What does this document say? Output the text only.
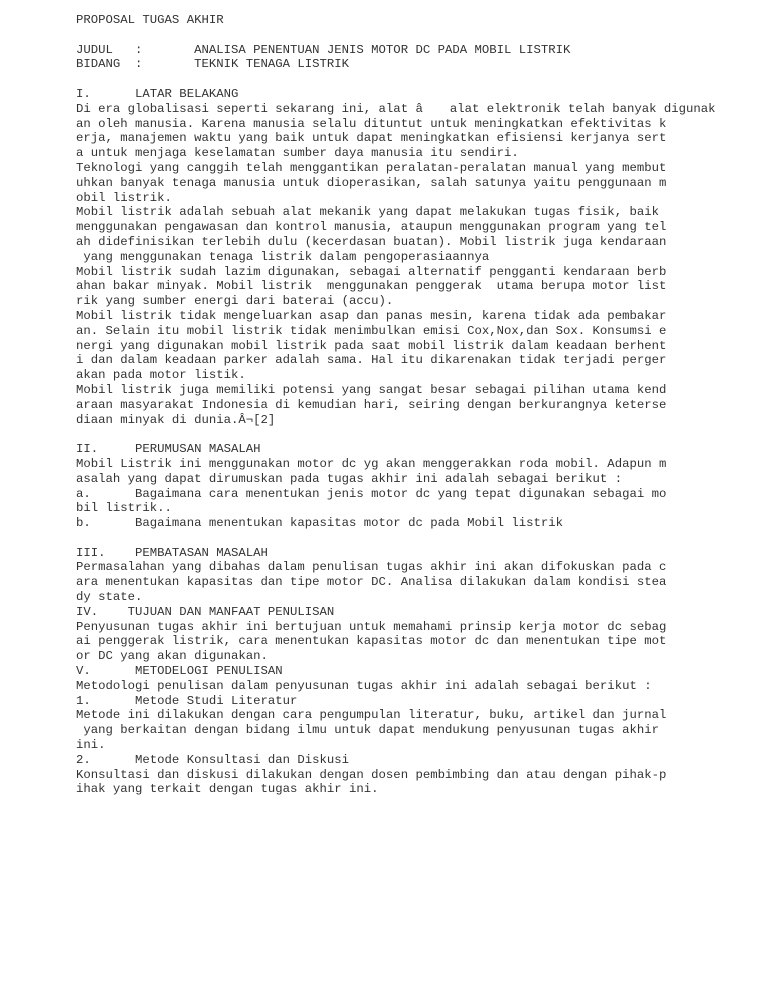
PROPOSAL TUGAS AKHIR
JUDUL   :       ANALISA PENENTUAN JENIS MOTOR DC PADA MOBIL LISTRIK
BIDANG  :       TEKNIK TENAGA LISTRIK
I.      LATAR BELAKANG
Di era globalisasi seperti sekarang ini, alat â alat elektronik telah banyak digunak
an oleh manusia. Karena manusia selalu dituntut untuk meningkatkan efektivitas k
erja, manajemen waktu yang baik untuk dapat meningkatkan efisiensi kerjanya sert
a untuk menjaga keselamatan sumber daya manusia itu sendiri.
Teknologi yang canggih telah menggantikan peralatan-peralatan manual yang membut
uhkan banyak tenaga manusia untuk dioperasikan, salah satunya yaitu penggunaan m
obil listrik.
Mobil listrik adalah sebuah alat mekanik yang dapat melakukan tugas fisik, baik
menggunakan pengawasan dan kontrol manusia, ataupun menggunakan program yang tel
ah didefinisikan terlebih dulu (kecerdasan buatan). Mobil listrik juga kendaraan
yang menggunakan tenaga listrik dalam pengoperasiaannya
Mobil listrik sudah lazim digunakan, sebagai alternatif pengganti kendaraan berb
ahan bakar minyak. Mobil listrik  menggunakan penggerak  utama berupa motor list
rik yang sumber energi dari baterai (accu).
Mobil listrik tidak mengeluarkan asap dan panas mesin, karena tidak ada pembakar
an. Selain itu mobil listrik tidak menimbulkan emisi Cox,Nox,dan Sox. Konsumsi e
nergi yang digunakan mobil listrik pada saat mobil listrik dalam keadaan berhent
i dan dalam keadaan parker adalah sama. Hal itu dikarenakan tidak terjadi perger
akan pada motor listik.
Mobil listrik juga memiliki potensi yang sangat besar sebagai pilihan utama kend
araan masyarakat Indonesia di kemudian hari, seiring dengan berkurangnya keterse
diaan minyak di dunia.Â¬[2]
II.     PERUMUSAN MASALAH
Mobil Listrik ini menggunakan motor dc yg akan menggerakkan roda mobil. Adapun m
asalah yang dapat dirumuskan pada tugas akhir ini adalah sebagai berikut :
a.      Bagaimana cara menentukan jenis motor dc yang tepat digunakan sebagai mo
bil listrik..
b.      Bagaimana menentukan kapasitas motor dc pada Mobil listrik
III.    PEMBATASAN MASALAH
Permasalahan yang dibahas dalam penulisan tugas akhir ini akan difokuskan pada c
ara menentukan kapasitas dan tipe motor DC. Analisa dilakukan dalam kondisi stea
dy state.
IV.    TUJUAN DAN MANFAAT PENULISAN
Penyusunan tugas akhir ini bertujuan untuk memahami prinsip kerja motor dc sebag
ai penggerak listrik, cara menentukan kapasitas motor dc dan menentukan tipe mot
or DC yang akan digunakan.
V.      METODELOGI PENULISAN
Metodologi penulisan dalam penyusunan tugas akhir ini adalah sebagai berikut :
1.      Metode Studi Literatur
Metode ini dilakukan dengan cara pengumpulan literatur, buku, artikel dan jurnal
yang berkaitan dengan bidang ilmu untuk dapat mendukung penyusunan tugas akhir
ini.
2.      Metode Konsultasi dan Diskusi
Konsultasi dan diskusi dilakukan dengan dosen pembimbing dan atau dengan pihak-p
ihak yang terkait dengan tugas akhir ini.
